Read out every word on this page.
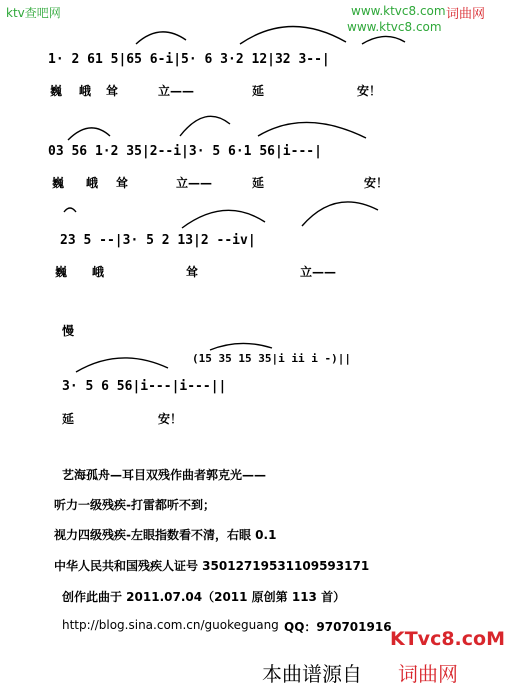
ktv查吧网	www.ktvc8.com 词曲网
www.ktvc8.com
1· 2 61 5|65 6-i|5· 6 3·2 12|32 3--|
巍 峨 耸	立——	延	安！
03 56 1·2 35|2--i|3· 5 6·1 56|i---|
巍 峨 耸	立——	延	安！
23 5 --|3· 5 2 13|2 --iv|
巍 峨	耸	立——
慢
(15 35 15 35|i ii i -)||
3· 5 6 56|i---|i---||
延	安！
艺海孤舟—耳目双残作曲者郭克光——
听力一级残疾-打雷都听不到；
视力四级残疾-左眼指数看不清，右眼 0.1
中华人民共和国残疾人证号 35012719531109593171
创作此曲于 2011.07.04（2011 原创第 113 首）
http://blog.sina.com.cn/guokeguang QQ：970701916
KTvc8.coM
本曲谱源自 词曲网
